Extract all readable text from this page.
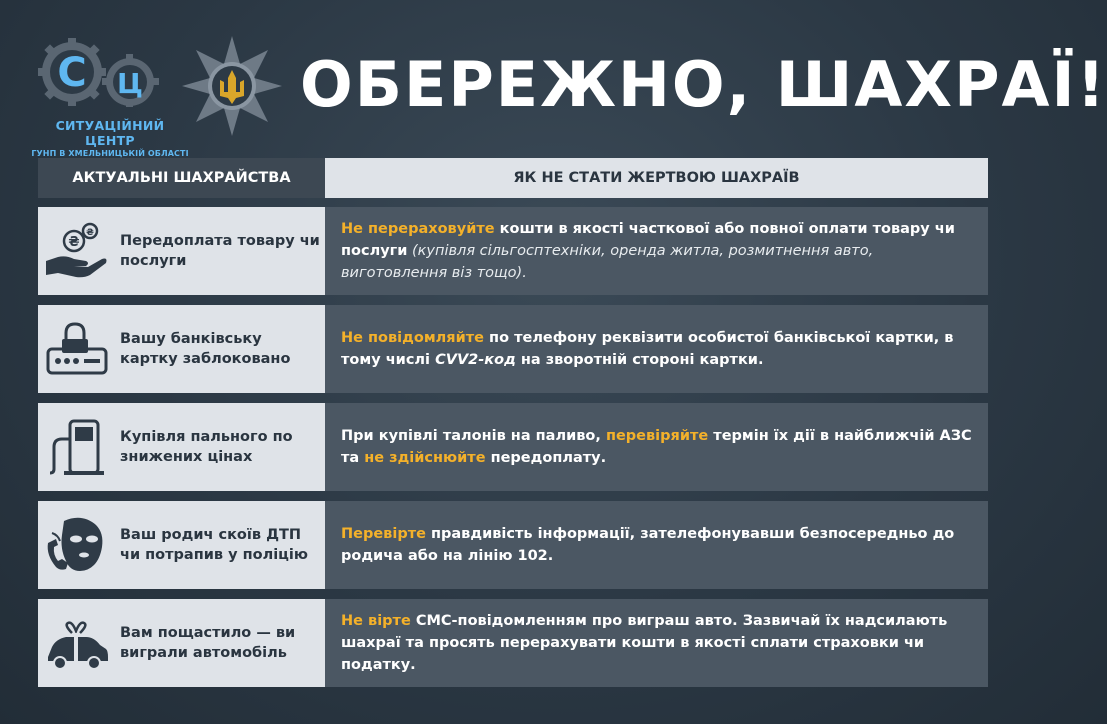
С Ц
СИТУАЦІЙНИЙ ЦЕНТР
ГУНП В ХМЕЛЬНИЦЬКІЙ ОБЛАСТІ
ОБЕРЕЖНО, ШАХРАЇ!
АКТУАЛЬНІ ШАХРАЙСТВА	ЯК НЕ СТАТИ ЖЕРТВОЮ ШАХРАЇВ
₴
₴ Передоплата товару чи послуги

Не перераховуйте кошти в якості часткової або повної оплати товару чи послуги (купівля сільгосптехніки, оренда житла, розмитнення авто, виготовлення віз тощо).

Вашу банківську картку заблоковано

Не повідомляйте по телефону реквізити особистої банківської картки, в тому числі CVV2-код на зворотній стороні картки.

Купівля пального по знижених цінах

При купівлі талонів на паливо, перевіряйте термін їх дії в найближчій АЗС та не здійснюйте передоплату.

Ваш родич скоїв ДТП чи потрапив у поліцію

Перевірте правдивість інформації, зателефонувавши безпосередньо до родича або на лінію 102.

Вам пощастило — ви виграли автомобіль

Не вірте СМС-повідомленням про виграш авто. Зазвичай їх надсилають шахраї та просять перерахувати кошти в якості сплати страховки чи податку.
